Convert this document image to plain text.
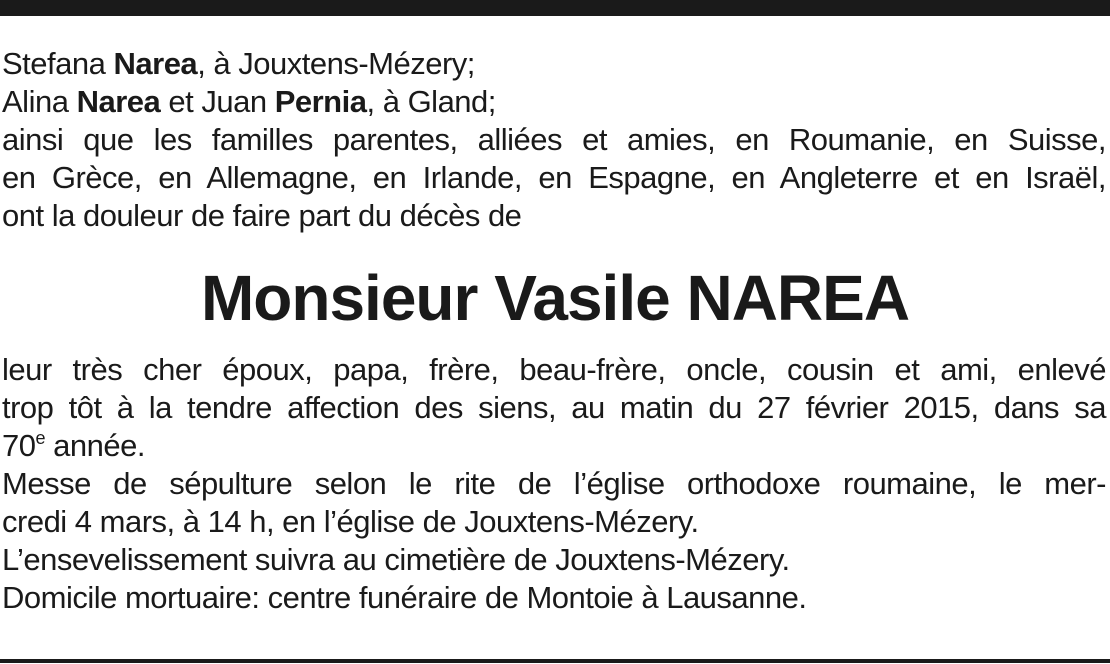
Stefana Narea, à Jouxtens-Mézery;
Alina Narea et Juan Pernia, à Gland;
ainsi que les familles parentes, alliées et amies, en Roumanie, en Suisse,
en Grèce, en Allemagne, en Irlande, en Espagne, en Angleterre et en Israël,
ont la douleur de faire part du décès de
Monsieur Vasile NAREA
leur très cher époux, papa, frère, beau-frère, oncle, cousin et ami, enlevé
trop tôt à la tendre affection des siens, au matin du 27 février 2015, dans sa
70e année.
Messe de sépulture selon le rite de l’église orthodoxe roumaine, le mer-
credi 4 mars, à 14 h, en l’église de Jouxtens-Mézery.
L’ensevelissement suivra au cimetière de Jouxtens-Mézery.
Domicile mortuaire: centre funéraire de Montoie à Lausanne.
